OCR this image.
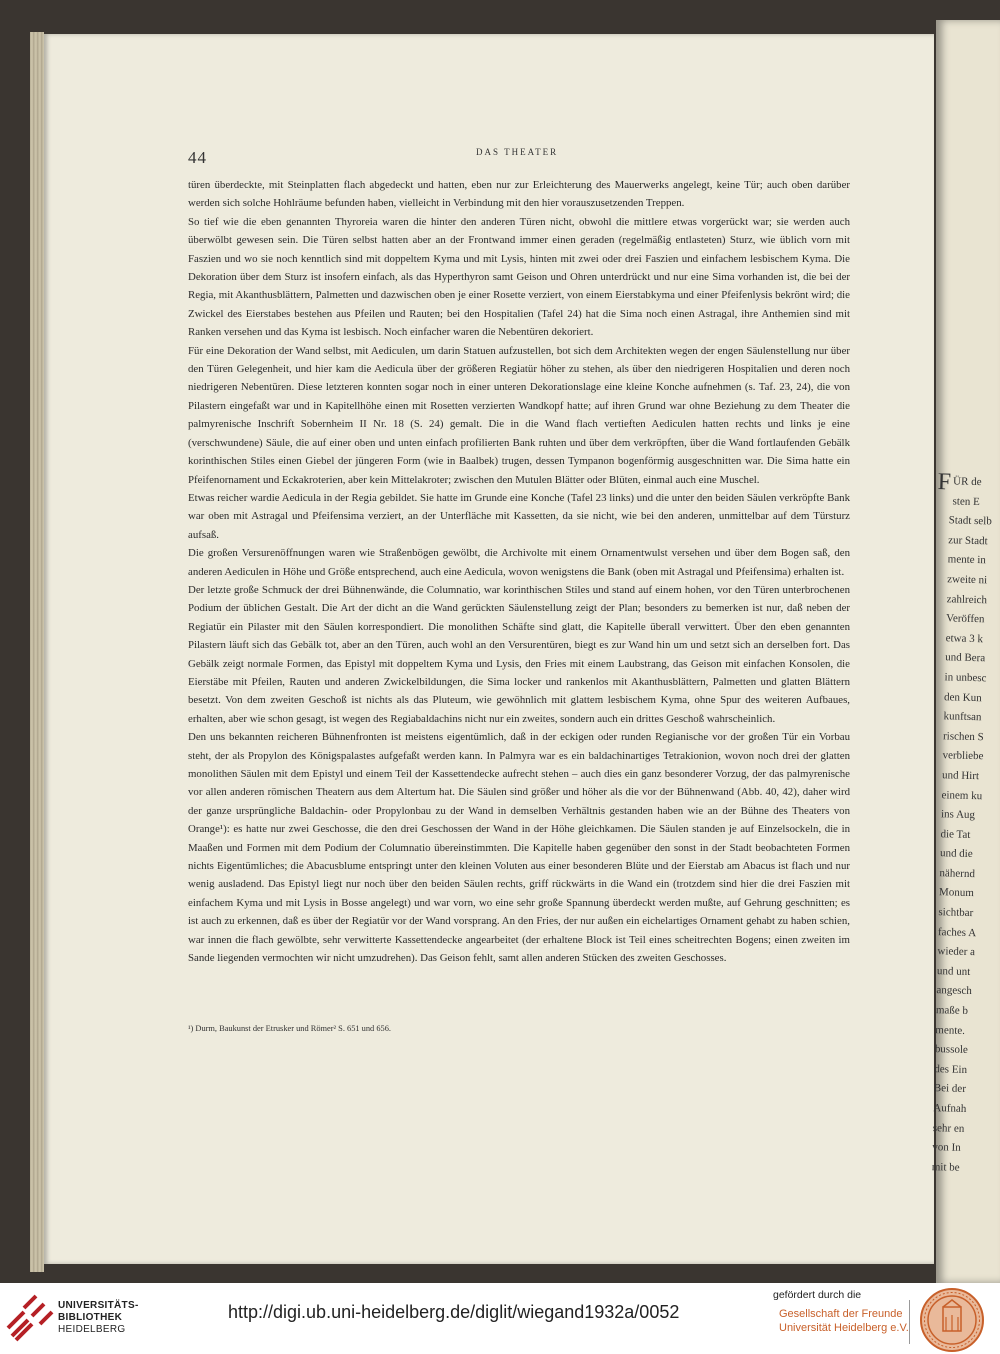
F ÜR de
sten E
Stadt selb
zur Stadt
mente in
zweite ni
zahlreich
Veröffen
etwa 3 k
und Bera
in unbesc
den Kun
kunftsan
rischen S
verbliebe
und Hirt
einem ku
ins Aug
die Tat
und die
nähernd
Monum
sichtbar
faches A
wieder a
und unt
angesch
maße b
mente.
bussole
des Ein
Bei der
Aufnah
sehr en
von In
mit be
44	DAS THEATER

türen überdeckte, mit Steinplatten flach abgedeckt und hatten, eben nur zur Erleichterung des Mauerwerks angelegt, keine Tür; auch oben darüber werden sich solche Hohlräume befunden haben, vielleicht in Verbindung mit den hier vorauszusetzenden Treppen.

So tief wie die eben genannten Thyroreia waren die hinter den anderen Türen nicht, obwohl die mittlere etwas vorgerückt war; sie werden auch überwölbt gewesen sein. Die Türen selbst hatten aber an der Frontwand immer einen geraden (regelmäßig entlasteten) Sturz, wie üblich vorn mit Faszien und wo sie noch kenntlich sind mit doppeltem Kyma und mit Lysis, hinten mit zwei oder drei Faszien und einfachem lesbischem Kyma. Die Dekoration über dem Sturz ist insofern einfach, als das Hyperthyron samt Geison und Ohren unterdrückt und nur eine Sima vorhanden ist, die bei der Regia, mit Akanthusblättern, Palmetten und dazwischen oben je einer Rosette verziert, von einem Eierstabkyma und einer Pfeifenlysis bekrönt wird; die Zwickel des Eierstabes bestehen aus Pfeilen und Rauten; bei den Hospitalien (Tafel 24) hat die Sima noch einen Astragal, ihre Anthemien sind mit Ranken versehen und das Kyma ist lesbisch. Noch einfacher waren die Nebentüren dekoriert.

Für eine Dekoration der Wand selbst, mit Aediculen, um darin Statuen aufzustellen, bot sich dem Architekten wegen der engen Säulenstellung nur über den Türen Gelegenheit, und hier kam die Aedicula über der größeren Regiatür höher zu stehen, als über den niedrigeren Hospitalien und deren noch niedrigeren Nebentüren. Diese letzteren konnten sogar noch in einer unteren Dekorationslage eine kleine Konche aufnehmen (s. Taf. 23, 24), die von Pilastern eingefaßt war und in Kapitellhöhe einen mit Rosetten verzierten Wandkopf hatte; auf ihren Grund war ohne Beziehung zu dem Theater die palmyrenische Inschrift Sobernheim II Nr. 18 (S. 24) gemalt. Die in die Wand flach vertieften Aediculen hatten rechts und links je eine (verschwundene) Säule, die auf einer oben und unten einfach profilierten Bank ruhten und über dem verkröpften, über die Wand fortlaufenden Gebälk korinthischen Stiles einen Giebel der jüngeren Form (wie in Baalbek) trugen, dessen Tympanon bogenförmig ausgeschnitten war. Die Sima hatte ein Pfeifenornament und Eckakroterien, aber kein Mittelakroter; zwischen den Mutulen Blätter oder Blüten, einmal auch eine Muschel.

Etwas reicher wardie Aedicula in der Regia gebildet. Sie hatte im Grunde eine Konche (Tafel 23 links) und die unter den beiden Säulen verkröpfte Bank war oben mit Astragal und Pfeifensima verziert, an der Unterfläche mit Kassetten, da sie nicht, wie bei den anderen, unmittelbar auf dem Türsturz aufsaß.

Die großen Versurenöffnungen waren wie Straßenbögen gewölbt, die Archivolte mit einem Ornamentwulst versehen und über dem Bogen saß, den anderen Aediculen in Höhe und Größe entsprechend, auch eine Aedicula, wovon wenigstens die Bank (oben mit Astragal und Pfeifensima) erhalten ist.

Der letzte große Schmuck der drei Bühnenwände, die Columnatio, war korinthischen Stiles und stand auf einem hohen, vor den Türen unterbrochenen Podium der üblichen Gestalt. Die Art der dicht an die Wand gerückten Säulenstellung zeigt der Plan; besonders zu bemerken ist nur, daß neben der Regiatür ein Pilaster mit den Säulen korrespondiert. Die monolithen Schäfte sind glatt, die Kapitelle überall verwittert. Über den eben genannten Pilastern läuft sich das Gebälk tot, aber an den Türen, auch wohl an den Versurentüren, biegt es zur Wand hin um und setzt sich an derselben fort. Das Gebälk zeigt normale Formen, das Epistyl mit doppeltem Kyma und Lysis, den Fries mit einem Laubstrang, das Geison mit einfachen Konsolen, die Eierstäbe mit Pfeilen, Rauten und anderen Zwickelbildungen, die Sima locker und rankenlos mit Akanthusblättern, Palmetten und glatten Blättern besetzt. Von dem zweiten Geschoß ist nichts als das Pluteum, wie gewöhnlich mit glattem lesbischem Kyma, ohne Spur des weiteren Aufbaues, erhalten, aber wie schon gesagt, ist wegen des Regiabaldachins nicht nur ein zweites, sondern auch ein drittes Geschoß wahrscheinlich.

Den uns bekannten reicheren Bühnenfronten ist meistens eigentümlich, daß in der eckigen oder runden Regianische vor der großen Tür ein Vorbau steht, der als Propylon des Königspalastes aufgefaßt werden kann. In Palmyra war es ein baldachinartiges Tetrakionion, wovon noch drei der glatten monolithen Säulen mit dem Epistyl und einem Teil der Kassettendecke aufrecht stehen – auch dies ein ganz besonderer Vorzug, der das palmyrenische vor allen anderen römischen Theatern aus dem Altertum hat. Die Säulen sind größer und höher als die vor der Bühnenwand (Abb. 40, 42), daher wird der ganze ursprüngliche Baldachin- oder Propylonbau zu der Wand in demselben Verhältnis gestanden haben wie an der Bühne des Theaters von Orange¹): es hatte nur zwei Geschosse, die den drei Geschossen der Wand in der Höhe gleichkamen. Die Säulen standen je auf Einzelsockeln, die in Maaßen und Formen mit dem Podium der Columnatio übereinstimmten. Die Kapitelle haben gegenüber den sonst in der Stadt beobachteten Formen nichts Eigentümliches; die Abacusblume entspringt unter den kleinen Voluten aus einer besonderen Blüte und der Eierstab am Abacus ist flach und nur wenig ausladend. Das Epistyl liegt nur noch über den beiden Säulen rechts, griff rückwärts in die Wand ein (trotzdem sind hier die drei Faszien mit einfachem Kyma und mit Lysis in Bosse angelegt) und war vorn, wo eine sehr große Spannung überdeckt werden mußte, auf Gehrung geschnitten; es ist auch zu erkennen, daß es über der Regiatür vor der Wand vorsprang. An den Fries, der nur außen ein eichelartiges Ornament gehabt zu haben schien, war innen die flach gewölbte, sehr verwitterte Kassettendecke angearbeitet (der erhaltene Block ist Teil eines scheitrechten Bogens; einen zweiten im Sande liegenden vermochten wir nicht umzudrehen). Das Geison fehlt, samt allen anderen Stücken des zweiten Geschosses.

¹) Durm, Baukunst der Etrusker und Römer² S. 651 und 656.
UNIVERSITÄTS-
BIBLIOTHEK
HEIDELBERG
http://digi.ub.uni-heidelberg.de/diglit/wiegand1932a/0052
gefördert durch die
Gesellschaft der Freunde
Universität Heidelberg e.V.
